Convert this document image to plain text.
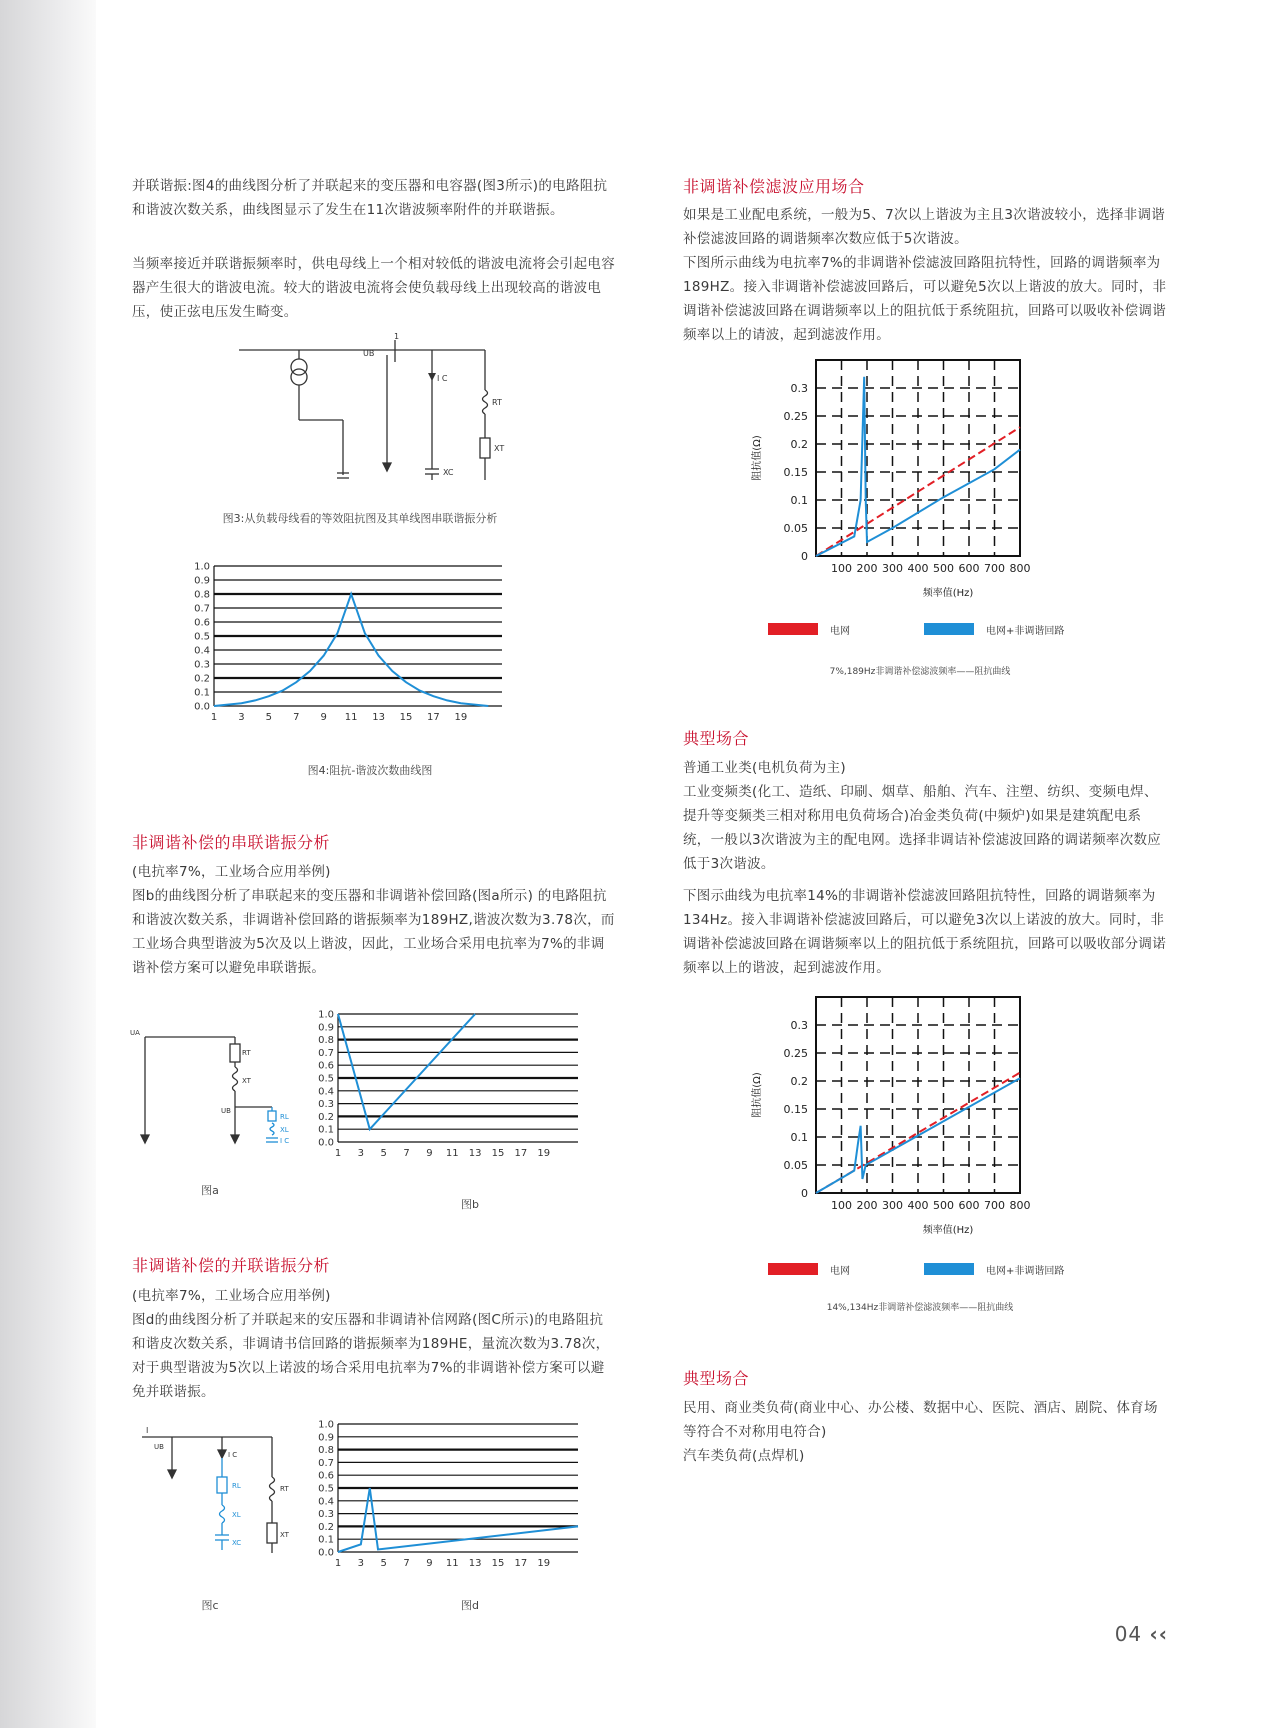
并联谐振:图4的曲线图分析了并联起来的变压器和电容器(图3所示)的电路阻抗和谐波次数关系，曲线图显示了发生在11次谐波频率附件的并联谐振。
当频率接近并联谐振频率时，供电母线上一个相对较低的谐波电流将会引起电容器产生很大的谐波电流。较大的谐波电流将会使负载母线上出现较高的谐波电压，使正弦电压发生畸变。
1
UB
I C
RT
XT
XC
图3:从负载母线看的等效阻抗图及其单线图串联谐振分析
0.0
0.1
0.2
0.3
0.4
0.5
0.6
0.7
0.8
0.9
1.0
1 3 5 7 9 11 13 15 17 19
图4:阻抗-谐波次数曲线图
非调谐补偿的串联谐振分析
(电抗率7%，工业场合应用举例)
图b的曲线图分析了串联起来的变压器和非调谐补偿回路(图a所示) 的电路阻抗和谐波次数关系，非调谐补偿回路的谐振频率为189HZ,谐波次数为3.78次，而工业场合典型谐波为5次及以上谐波，因此，工业场合采用电抗率为7%的非调谐补偿方案可以避免串联谐振。
UA
RT
XT
UB
RL
XL
I C
图a
0.0
0.1
0.2
0.3
0.4
0.5
0.6
0.7
0.8
0.9
1.0
1 3 5 7 9 11 13 15 17 19
图b
非调谐补偿的并联谐振分析
(电抗率7%，工业场合应用举例)
图d的曲线图分析了并联起来的安压器和非调请补信网路(图C所示)的电路阻抗和谐皮次数关系，非调请书信回路的谐振频率为189HE，量流次数为3.78次，对于典型谐波为5次以上诺波的场合采用电抗率为7%的非调谐补偿方案可以避免并联谐振。
I
UB
I C
RL
XL
XC
RT
XT
图c
0.0
0.1
0.2
0.3
0.4
0.5
0.6
0.7
0.8
0.9
1.0
1 3 5 7 9 11 13 15 17 19
图d
非调谐补偿滤波应用场合
如果是工业配电系统，一般为5、7次以上谐波为主且3次谐波较小，选择非调谐补偿滤波回路的调谐频率次数应低于5次谐波。
下图所示曲线为电抗率7%的非调谐补偿滤波回路阻抗特性，回路的调谐频率为189HZ。接入非调谐补偿滤波回路后，可以避免5次以上谐波的放大。同时，非调谐补偿滤波回路在调谐频率以上的阻抗低于系统阻抗，回路可以吸收补偿调谐频率以上的请波，起到滤波作用。
0
0.05
0.1
0.15
0.2
0.25
0.3
100 200 300 400 500 600 700 800
频率值(Hz)
阻抗值(Ω)
电网	电网+非调谐回路
7%,189Hz非调谐补偿滤波频率——阻抗曲线
典型场合
普通工业类(电机负荷为主)
工业变频类(化工、造纸、印刷、烟草、船舶、汽车、注塑、纺织、变频电焊、提升等变频类三相对称用电负荷场合)冶金类负荷(中频炉)如果是建筑配电系统，一般以3次谐波为主的配电网。选择非调诘补偿滤波回路的调诺频率次数应低于3次谐波。
下图示曲线为电抗率14%的非调谐补偿滤波回路阻抗特性，回路的调谐频率为134Hz。接入非调谐补偿滤波回路后，可以避免3次以上诺波的放大。同时，非调谐补偿滤波回路在调谐频率以上的阻抗低于系统阻抗，回路可以吸收部分调诺频率以上的谐波，起到滤波作用。
0
0.05
0.1
0.15
0.2
0.25
0.3
100 200 300 400 500 600 700 800
频率值(Hz)
阻抗值(Ω)
电网	电网+非调谐回路
14%,134Hz非调谐补偿滤波频率——阻抗曲线
典型场合
民用、商业类负荷(商业中心、办公楼、数据中心、医院、酒店、剧院、体育场等符合不对称用电符合)
汽车类负荷(点焊机)
04 ‹‹
